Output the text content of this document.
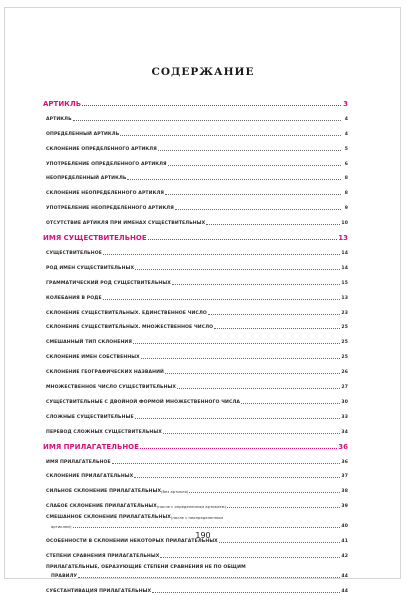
СОДЕРЖАНИЕ
АРТИКЛЬ	3
АРТИКЛЬ	4
ОПРЕДЕЛЕННЫЙ АРТИКЛЬ	4
СКЛОНЕНИЕ ОПРЕДЕЛЕННОГО АРТИКЛЯ	5
УПОТРЕБЛЕНИЕ ОПРЕДЕЛЕННОГО АРТИКЛЯ	6
НЕОПРЕДЕЛЕННЫЙ АРТИКЛЬ	8
СКЛОНЕНИЕ НЕОПРЕДЕЛЕННОГО АРТИКЛЯ	8
УПОТРЕБЛЕНИЕ НЕОПРЕДЕЛЕННОГО АРТИКЛЯ	9
ОТСУТСТВИЕ АРТИКЛЯ ПРИ ИМЕНАХ СУЩЕСТВИТЕЛЬНЫХ	10
ИМЯ СУЩЕСТВИТЕЛЬНОЕ	13
СУЩЕСТВИТЕЛЬНОЕ	14
РОД ИМЕН СУЩЕСТВИТЕЛЬНЫХ	14
ГРАММАТИЧЕСКИЙ РОД СУЩЕСТВИТЕЛЬНЫХ	15
КОЛЕБАНИЯ В РОДЕ	13
СКЛОНЕНИЕ СУЩЕСТВИТЕЛЬНЫХ. ЕДИНСТВЕННОЕ ЧИСЛО	23
СКЛОНЕНИЕ СУЩЕСТВИТЕЛЬНЫХ. МНОЖЕСТВЕННОЕ ЧИСЛО	25
СМЕШАННЫЙ ТИП СКЛОНЕНИЯ	25
СКЛОНЕНИЕ ИМЕН СОБСТВЕННЫХ	25
СКЛОНЕНИЕ ГЕОГРАФИЧЕСКИХ НАЗВАНИЙ	26
МНОЖЕСТВЕННОЕ ЧИСЛО СУЩЕСТВИТЕЛЬНЫХ	27
СУЩЕСТВИТЕЛЬНЫЕ С ДВОЙНОЙ ФОРМОЙ МНОЖЕСТВЕННОГО ЧИСЛА	30
СЛОЖНЫЕ СУЩЕСТВИТЕЛЬНЫЕ	33
ПЕРЕВОД СЛОЖНЫХ СУЩЕСТВИТЕЛЬНЫХ	34
ИМЯ ПРИЛАГАТЕЛЬНОЕ	36
ИМЯ ПРИЛАГАТЕЛЬНОЕ	36
СКЛОНЕНИЕ ПРИЛАГАТЕЛЬНЫХ	37
СИЛЬНОЕ СКЛОНЕНИЕ ПРИЛАГАТЕЛЬНЫХ (без артикля)	38
СЛАБОЕ СКЛОНЕНИЕ ПРИЛАГАТЕЛЬНЫХ (после с определенным артиклем)	39
СМЕШАННОЕ СКЛОНЕНИЕ ПРИЛАГАТЕЛЬНЫХ (после с неопределенным
артиклем)	40
ОСОБЕННОСТИ В СКЛОНЕНИИ НЕКОТОРЫХ ПРИЛАГАТЕЛЬНЫХ	41
СТЕПЕНИ СРАВНЕНИЯ ПРИЛАГАТЕЛЬНЫХ	42
ПРИЛАГАТЕЛЬНЫЕ, ОБРАЗУЮЩИЕ СТЕПЕНИ СРАВНЕНИЯ НЕ ПО ОБЩИМ
ПРАВИЛУ	44
СУБСТАНТИВАЦИЯ ПРИЛАГАТЕЛЬНЫХ	44
190
